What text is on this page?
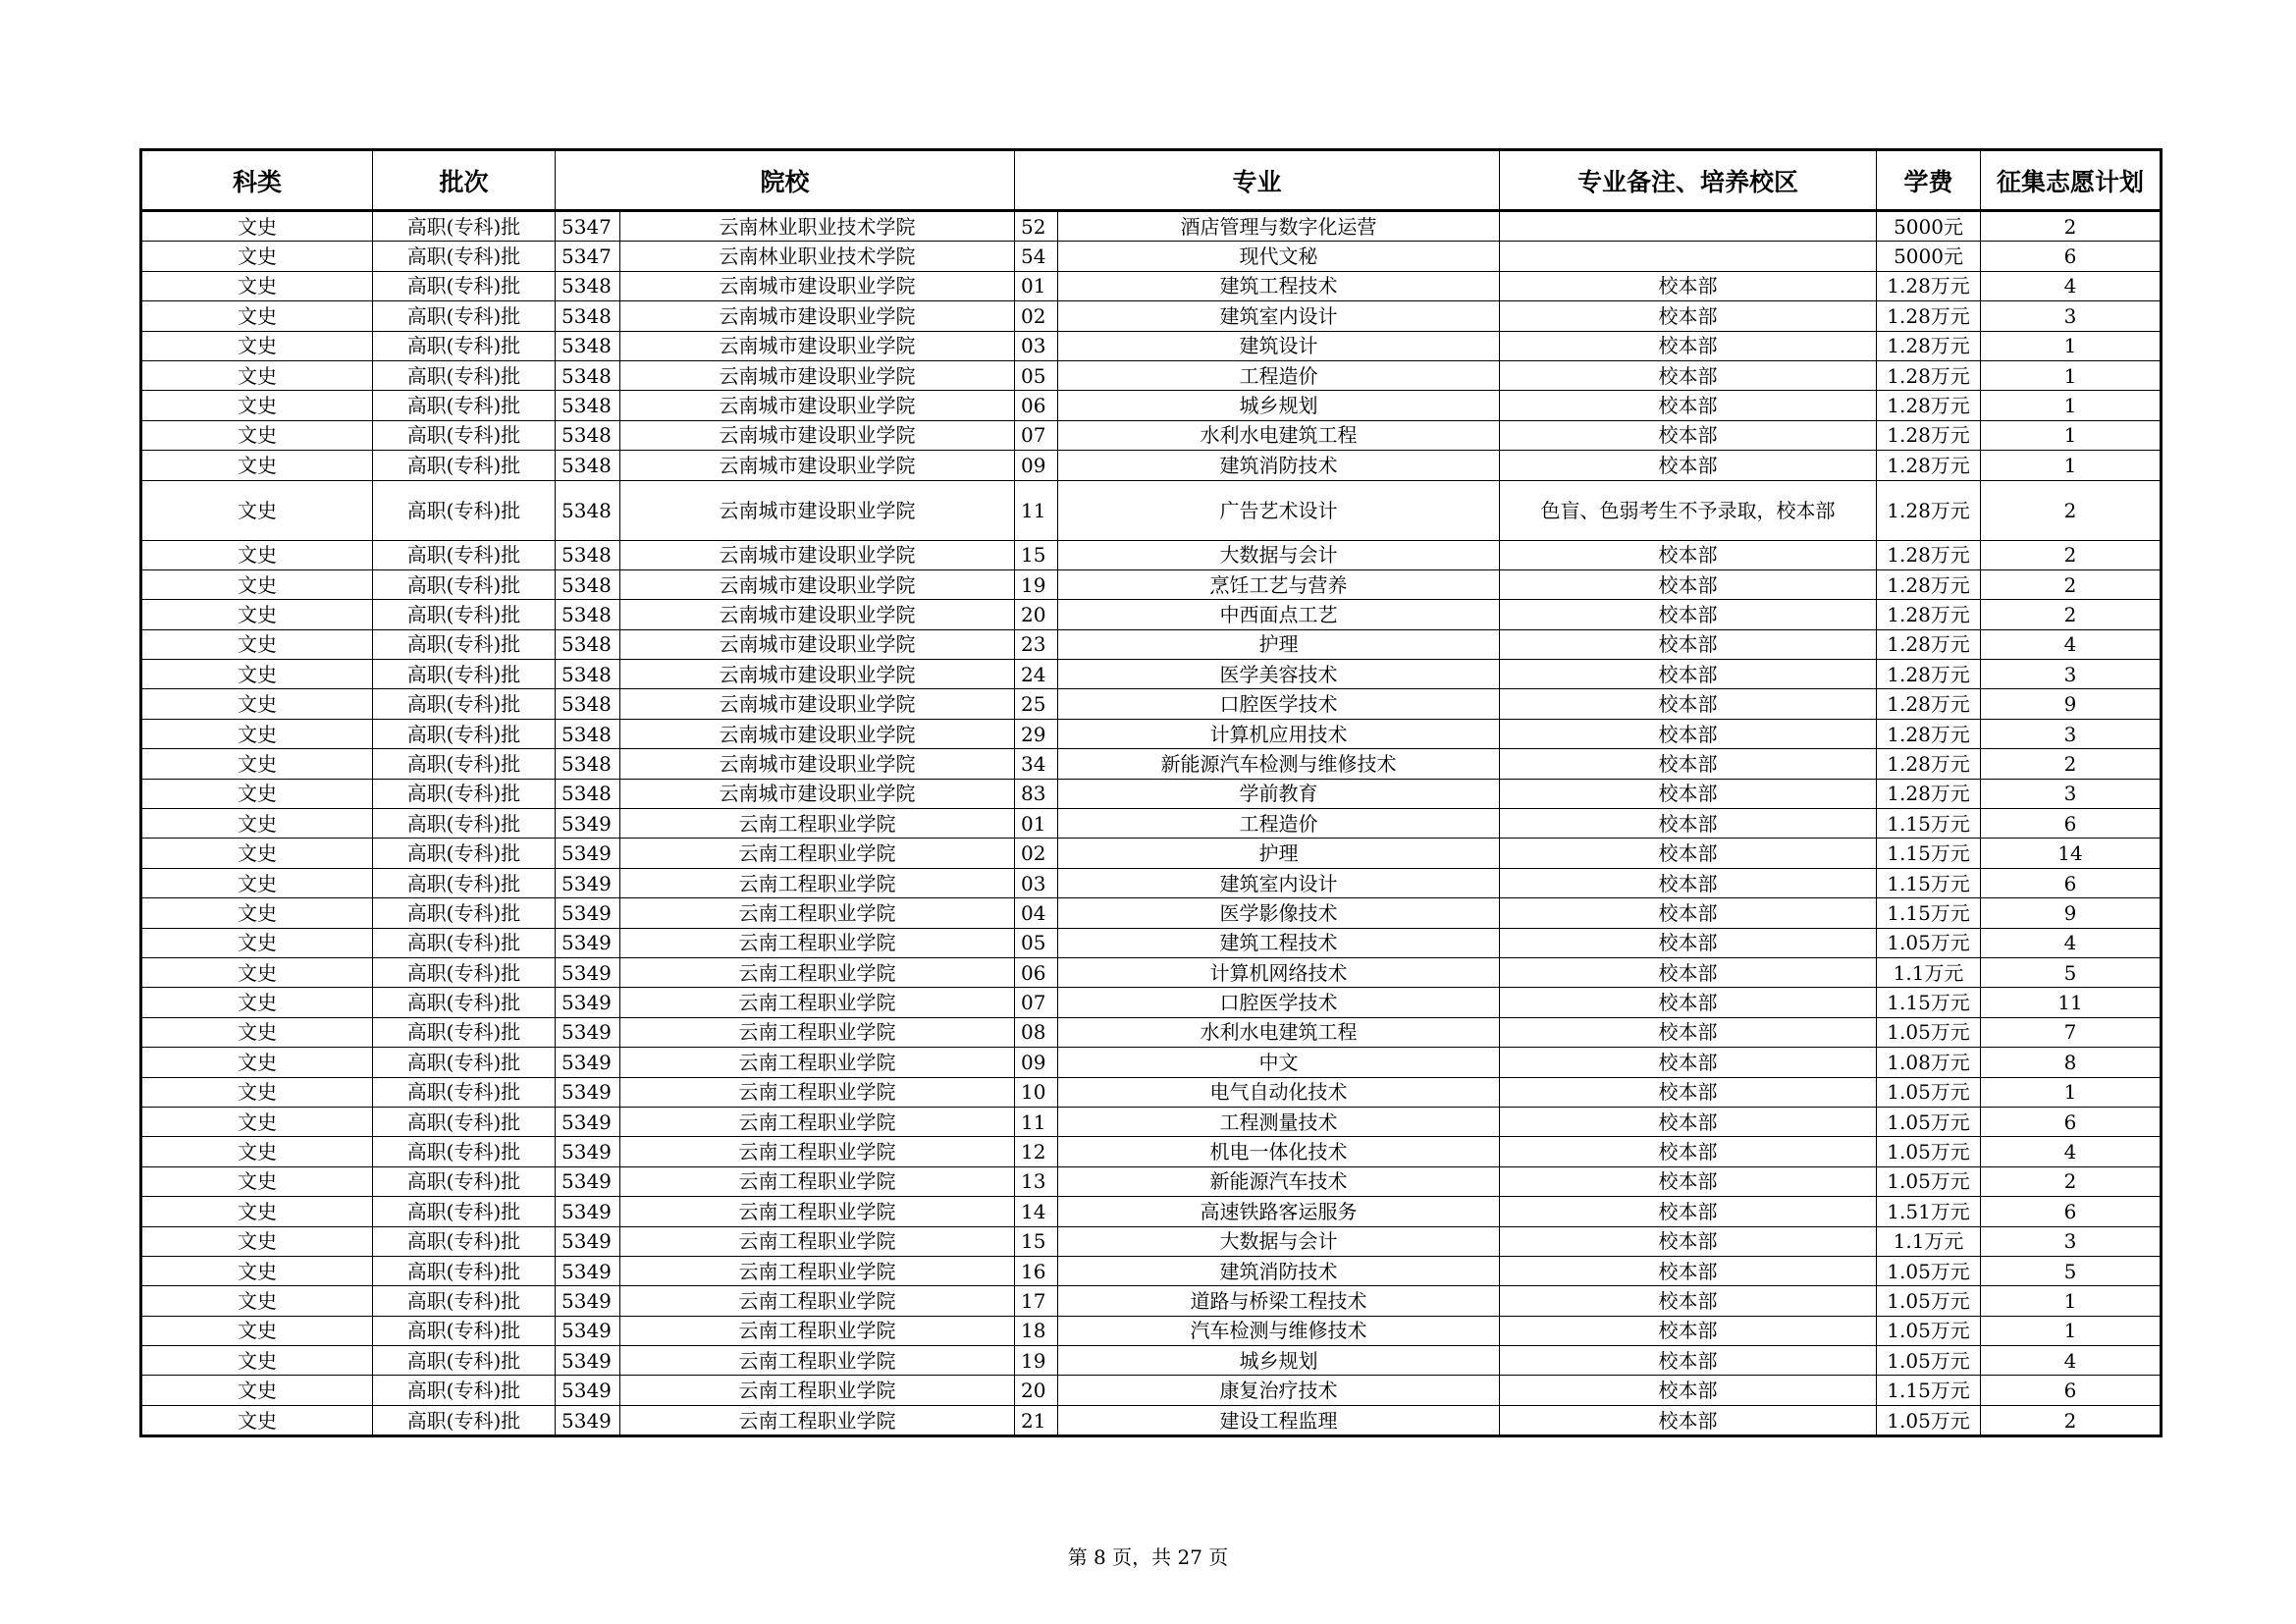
科类	批次	院校		专业		专业备注、培养校区	学费	征集志愿计划
文史	高职(专科)批	5347	云南林业职业技术学院	52	酒店管理与数字化运营		5000元	2
文史	高职(专科)批	5347	云南林业职业技术学院	54	现代文秘		5000元	6
文史	高职(专科)批	5348	云南城市建设职业学院	01	建筑工程技术	校本部	1.28万元	4
文史	高职(专科)批	5348	云南城市建设职业学院	02	建筑室内设计	校本部	1.28万元	3
文史	高职(专科)批	5348	云南城市建设职业学院	03	建筑设计	校本部	1.28万元	1
文史	高职(专科)批	5348	云南城市建设职业学院	05	工程造价	校本部	1.28万元	1
文史	高职(专科)批	5348	云南城市建设职业学院	06	城乡规划	校本部	1.28万元	1
文史	高职(专科)批	5348	云南城市建设职业学院	07	水利水电建筑工程	校本部	1.28万元	1
文史	高职(专科)批	5348	云南城市建设职业学院	09	建筑消防技术	校本部	1.28万元	1
文史	高职(专科)批	5348	云南城市建设职业学院	11	广告艺术设计	色盲、色弱考生不予录取，校本部	1.28万元	2
文史	高职(专科)批	5348	云南城市建设职业学院	15	大数据与会计	校本部	1.28万元	2
文史	高职(专科)批	5348	云南城市建设职业学院	19	烹饪工艺与营养	校本部	1.28万元	2
文史	高职(专科)批	5348	云南城市建设职业学院	20	中西面点工艺	校本部	1.28万元	2
文史	高职(专科)批	5348	云南城市建设职业学院	23	护理	校本部	1.28万元	4
文史	高职(专科)批	5348	云南城市建设职业学院	24	医学美容技术	校本部	1.28万元	3
文史	高职(专科)批	5348	云南城市建设职业学院	25	口腔医学技术	校本部	1.28万元	9
文史	高职(专科)批	5348	云南城市建设职业学院	29	计算机应用技术	校本部	1.28万元	3
文史	高职(专科)批	5348	云南城市建设职业学院	34	新能源汽车检测与维修技术	校本部	1.28万元	2
文史	高职(专科)批	5348	云南城市建设职业学院	83	学前教育	校本部	1.28万元	3
文史	高职(专科)批	5349	云南工程职业学院	01	工程造价	校本部	1.15万元	6
文史	高职(专科)批	5349	云南工程职业学院	02	护理	校本部	1.15万元	14
文史	高职(专科)批	5349	云南工程职业学院	03	建筑室内设计	校本部	1.15万元	6
文史	高职(专科)批	5349	云南工程职业学院	04	医学影像技术	校本部	1.15万元	9
文史	高职(专科)批	5349	云南工程职业学院	05	建筑工程技术	校本部	1.05万元	4
文史	高职(专科)批	5349	云南工程职业学院	06	计算机网络技术	校本部	1.1万元	5
文史	高职(专科)批	5349	云南工程职业学院	07	口腔医学技术	校本部	1.15万元	11
文史	高职(专科)批	5349	云南工程职业学院	08	水利水电建筑工程	校本部	1.05万元	7
文史	高职(专科)批	5349	云南工程职业学院	09	中文	校本部	1.08万元	8
文史	高职(专科)批	5349	云南工程职业学院	10	电气自动化技术	校本部	1.05万元	1
文史	高职(专科)批	5349	云南工程职业学院	11	工程测量技术	校本部	1.05万元	6
文史	高职(专科)批	5349	云南工程职业学院	12	机电一体化技术	校本部	1.05万元	4
文史	高职(专科)批	5349	云南工程职业学院	13	新能源汽车技术	校本部	1.05万元	2
文史	高职(专科)批	5349	云南工程职业学院	14	高速铁路客运服务	校本部	1.51万元	6
文史	高职(专科)批	5349	云南工程职业学院	15	大数据与会计	校本部	1.1万元	3
文史	高职(专科)批	5349	云南工程职业学院	16	建筑消防技术	校本部	1.05万元	5
文史	高职(专科)批	5349	云南工程职业学院	17	道路与桥梁工程技术	校本部	1.05万元	1
文史	高职(专科)批	5349	云南工程职业学院	18	汽车检测与维修技术	校本部	1.05万元	1
文史	高职(专科)批	5349	云南工程职业学院	19	城乡规划	校本部	1.05万元	4
文史	高职(专科)批	5349	云南工程职业学院	20	康复治疗技术	校本部	1.15万元	6
文史	高职(专科)批	5349	云南工程职业学院	21	建设工程监理	校本部	1.05万元	2
第 8 页，共 27 页
